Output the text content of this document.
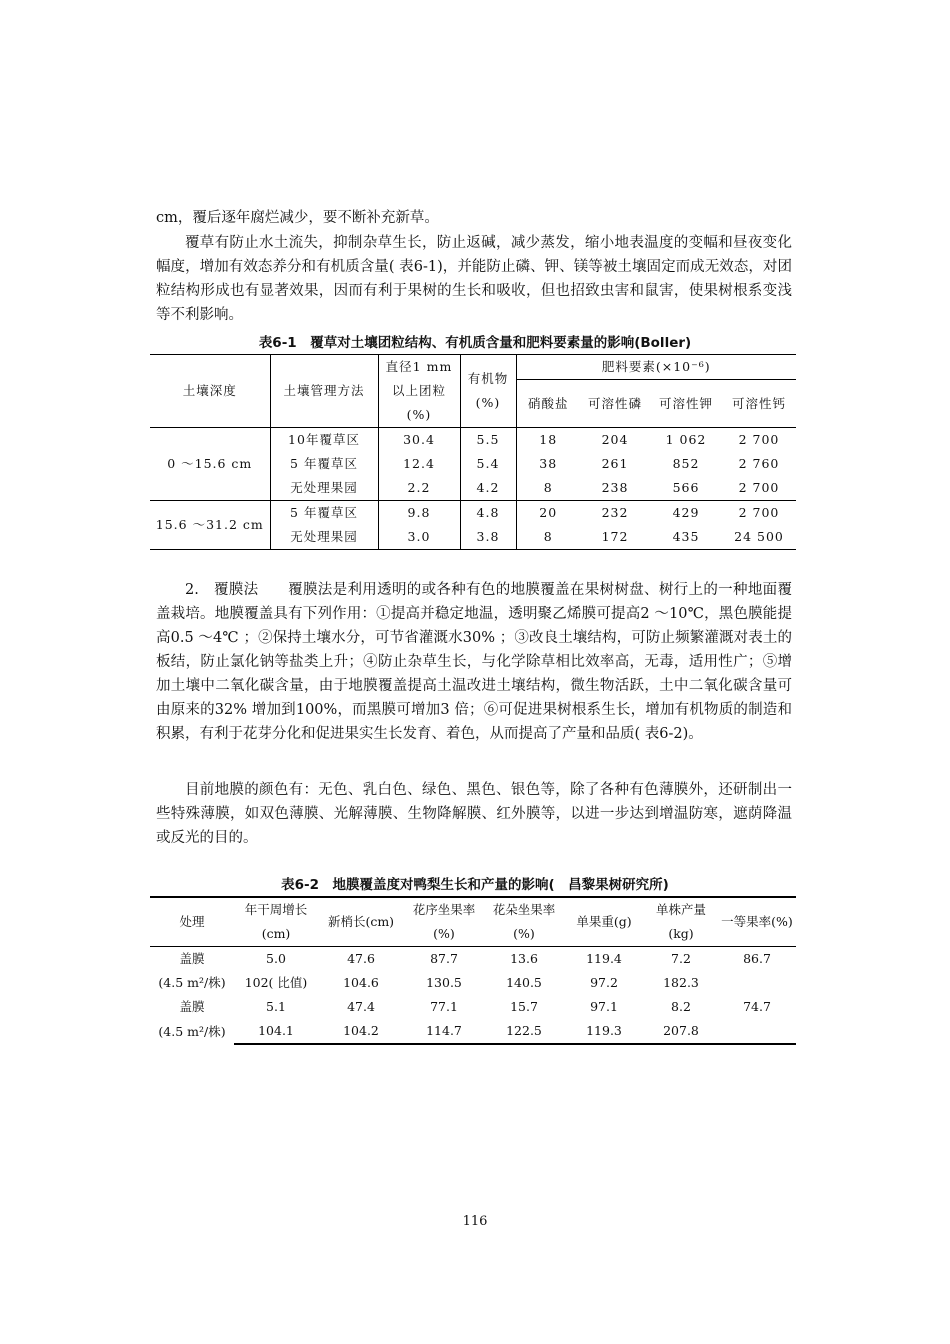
cm，覆后逐年腐烂减少，要不断补充新草。

覆草有防止水土流失，抑制杂草生长，防止返碱，减少蒸发，缩小地表温度的变幅和昼夜变化幅度，增加有效态养分和有机质含量( 表6-1)，并能防止磷、钾、镁等被土壤固定而成无效态，对团粒结构形成也有显著效果，因而有利于果树的生长和吸收，但也招致虫害和鼠害，使果树根系变浅等不利影响。

表6-1　覆草对土壤团粒结构、有机质含量和肥料要素量的影响(Boller)
土壤深度	土壤管理方法	直径1 mm 以上团粒(%)	有机物(%)	肥料要素(×10⁻⁶)			
				硝酸盐	可溶性磷	可溶性钾	可溶性钙

0 ～15.6 cm	10年覆草区	30.4	5.5	18	204	1 062	2 700
	5 年覆草区	12.4	5.4	38	261	852	2 760
	无处理果园	2.2	4.2	8	238	566	2 700
15.6 ～31.2 cm	5 年覆草区	9.8	4.8	20	232	429	2 700
	无处理果园	3.0	3.8	8	172	435	24 500

2.　覆膜法　　覆膜法是利用透明的或各种有色的地膜覆盖在果树树盘、树行上的一种地面覆盖栽培。地膜覆盖具有下列作用：①提高并稳定地温，透明聚乙烯膜可提高2 ～10℃，黑色膜能提高0.5 ～4℃ ；②保持土壤水分，可节省灌溉水30% ；③改良土壤结构，可防止频繁灌溉对表土的板结，防止氯化钠等盐类上升；④防止杂草生长，与化学除草相比效率高，无毒，适用性广；⑤增加土壤中二氧化碳含量，由于地膜覆盖提高土温改进土壤结构，微生物活跃，土中二氧化碳含量可由原来的32% 增加到100%，而黑膜可增加3 倍；⑥可促进果树根系生长，增加有机物质的制造和积累，有利于花芽分化和促进果实生长发育、着色，从而提高了产量和品质( 表6-2)。

目前地膜的颜色有：无色、乳白色、绿色、黑色、银色等，除了各种有色薄膜外，还研制出一些特殊薄膜，如双色薄膜、光解薄膜、生物降解膜、红外膜等，以进一步达到增温防寒，遮荫降温或反光的目的。

表6-2　地膜覆盖度对鸭梨生长和产量的影响(　昌黎果树研究所)
处理	年干周增长(cm)	新梢长(cm)	花序坐果率(%)	花朵坐果率(%)	单果重(g)	单株产量(kg)	一等果率(%)
盖膜	5.0	47.6	87.7	13.6	119.4	7.2	86.7
(4.5 m²/株)	102( 比值)	104.6	130.5	140.5	97.2	182.3	
盖膜	5.1	47.4	77.1	15.7	97.1	8.2	74.7
(4.5 m²/株)	104.1	104.2	114.7	122.5	119.3	207.8	
116
